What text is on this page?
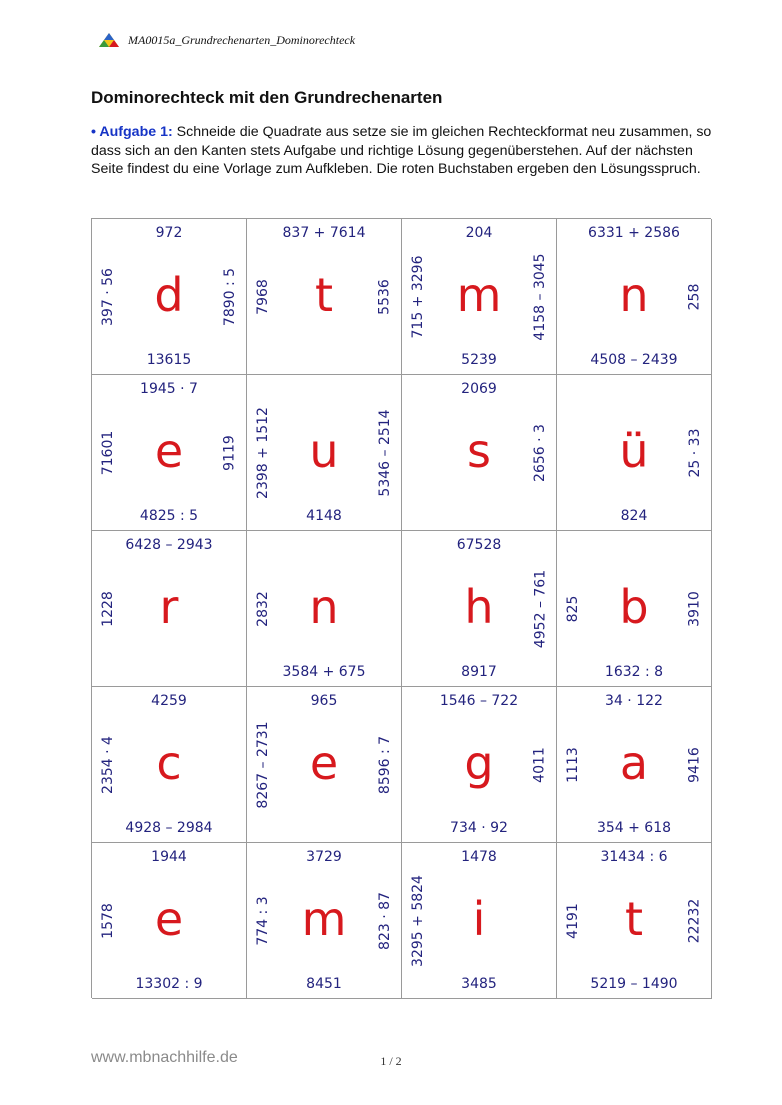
MA0015a_Grundrechenarten_Dominorechteck
Dominorechteck mit den Grundrechenarten

• Aufgabe 1: Schneide die Quadrate aus setze sie im gleichen Rechteckformat neu zusammen, so dass sich an den Kanten stets Aufgabe und richtige Lösung gegenüberstehen. Auf der nächsten Seite findest du eine Vorlage zum Aufkleben. Die roten Buchstaben ergeben den Lösungsspruch.

972
13615
397 · 56	7890 : 5
d
837 + 7614
7968	5536
t
204
5239
715 + 3296	4158 – 3045
m
6331 + 2586
4508 – 2439
258
n
1945 · 7
4825 : 5
71601	9119
e
4148
2398 + 1512	5346 – 2514
u
2069
2656 · 3
s
824
25 · 33
ü
6428 – 2943
1228 r
3584 + 675
2832 n
67528
8917
4952 – 761
h
1632 : 8
825	3910
b
4259
4928 – 2984
2354 · 4 c
965
8267 – 2731	8596 : 7
e
1546 – 722
734 · 92
4011
g
34 · 122
354 + 618
1113	9416
a
1944
13302 : 9
1578 e
3729
8451
774 : 3	823 · 87
m
1478
3485
3295 + 5824	i
31434 : 6
5219 – 1490
4191	22232
t
www.mbnachhilfe.de	1 / 2
